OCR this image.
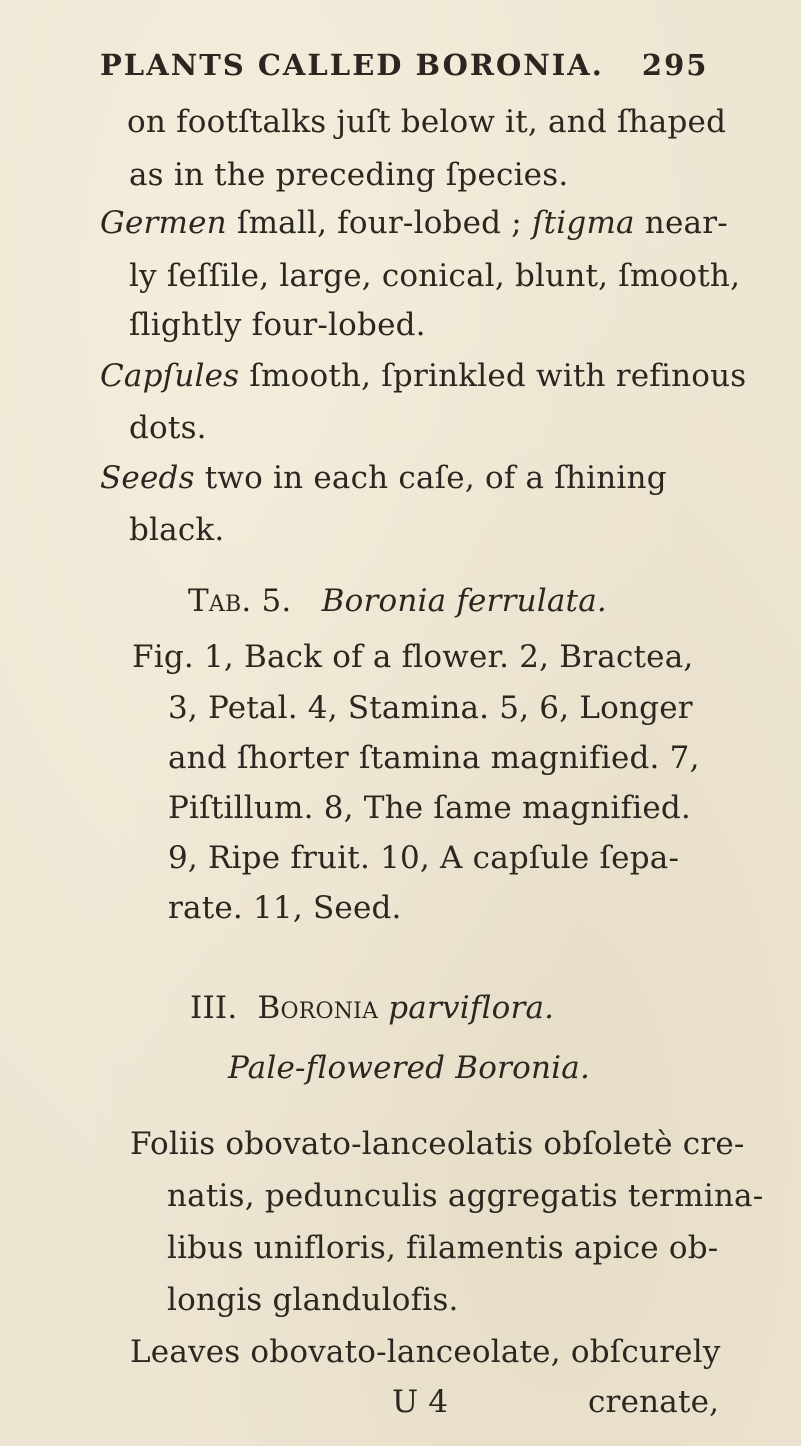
PLANTS CALLED BORONIA. 295
on footſtalks juſt below it, and ſhaped
as in the preceding ſpecies.
Germen ſmall, four-lobed ; ſtigma near-
ly ſeſſile, large, conical, blunt, ſmooth,
ſlightly four-lobed.
Capſules ſmooth, ſprinkled with refinous
dots.
Seeds two in each caſe, of a ſhining
black.
Tab. 5. Boronia ferrulata.
Fig. 1, Back of a flower. 2, Bractea,
3, Petal. 4, Stamina. 5, 6, Longer
and ſhorter ſtamina magnified. 7,
Piſtillum. 8, The ſame magnified.
9, Ripe fruit. 10, A capſule ſepa-
rate. 11, Seed.
III. Boronia parviflora.
Pale-flowered Boronia.
Foliis obovato-lanceolatis obſoletè cre-
natis, pedunculis aggregatis termina-
libus unifloris, filamentis apice ob-
longis glandulofis.
Leaves obovato-lanceolate, obſcurely
U 4	crenate,
